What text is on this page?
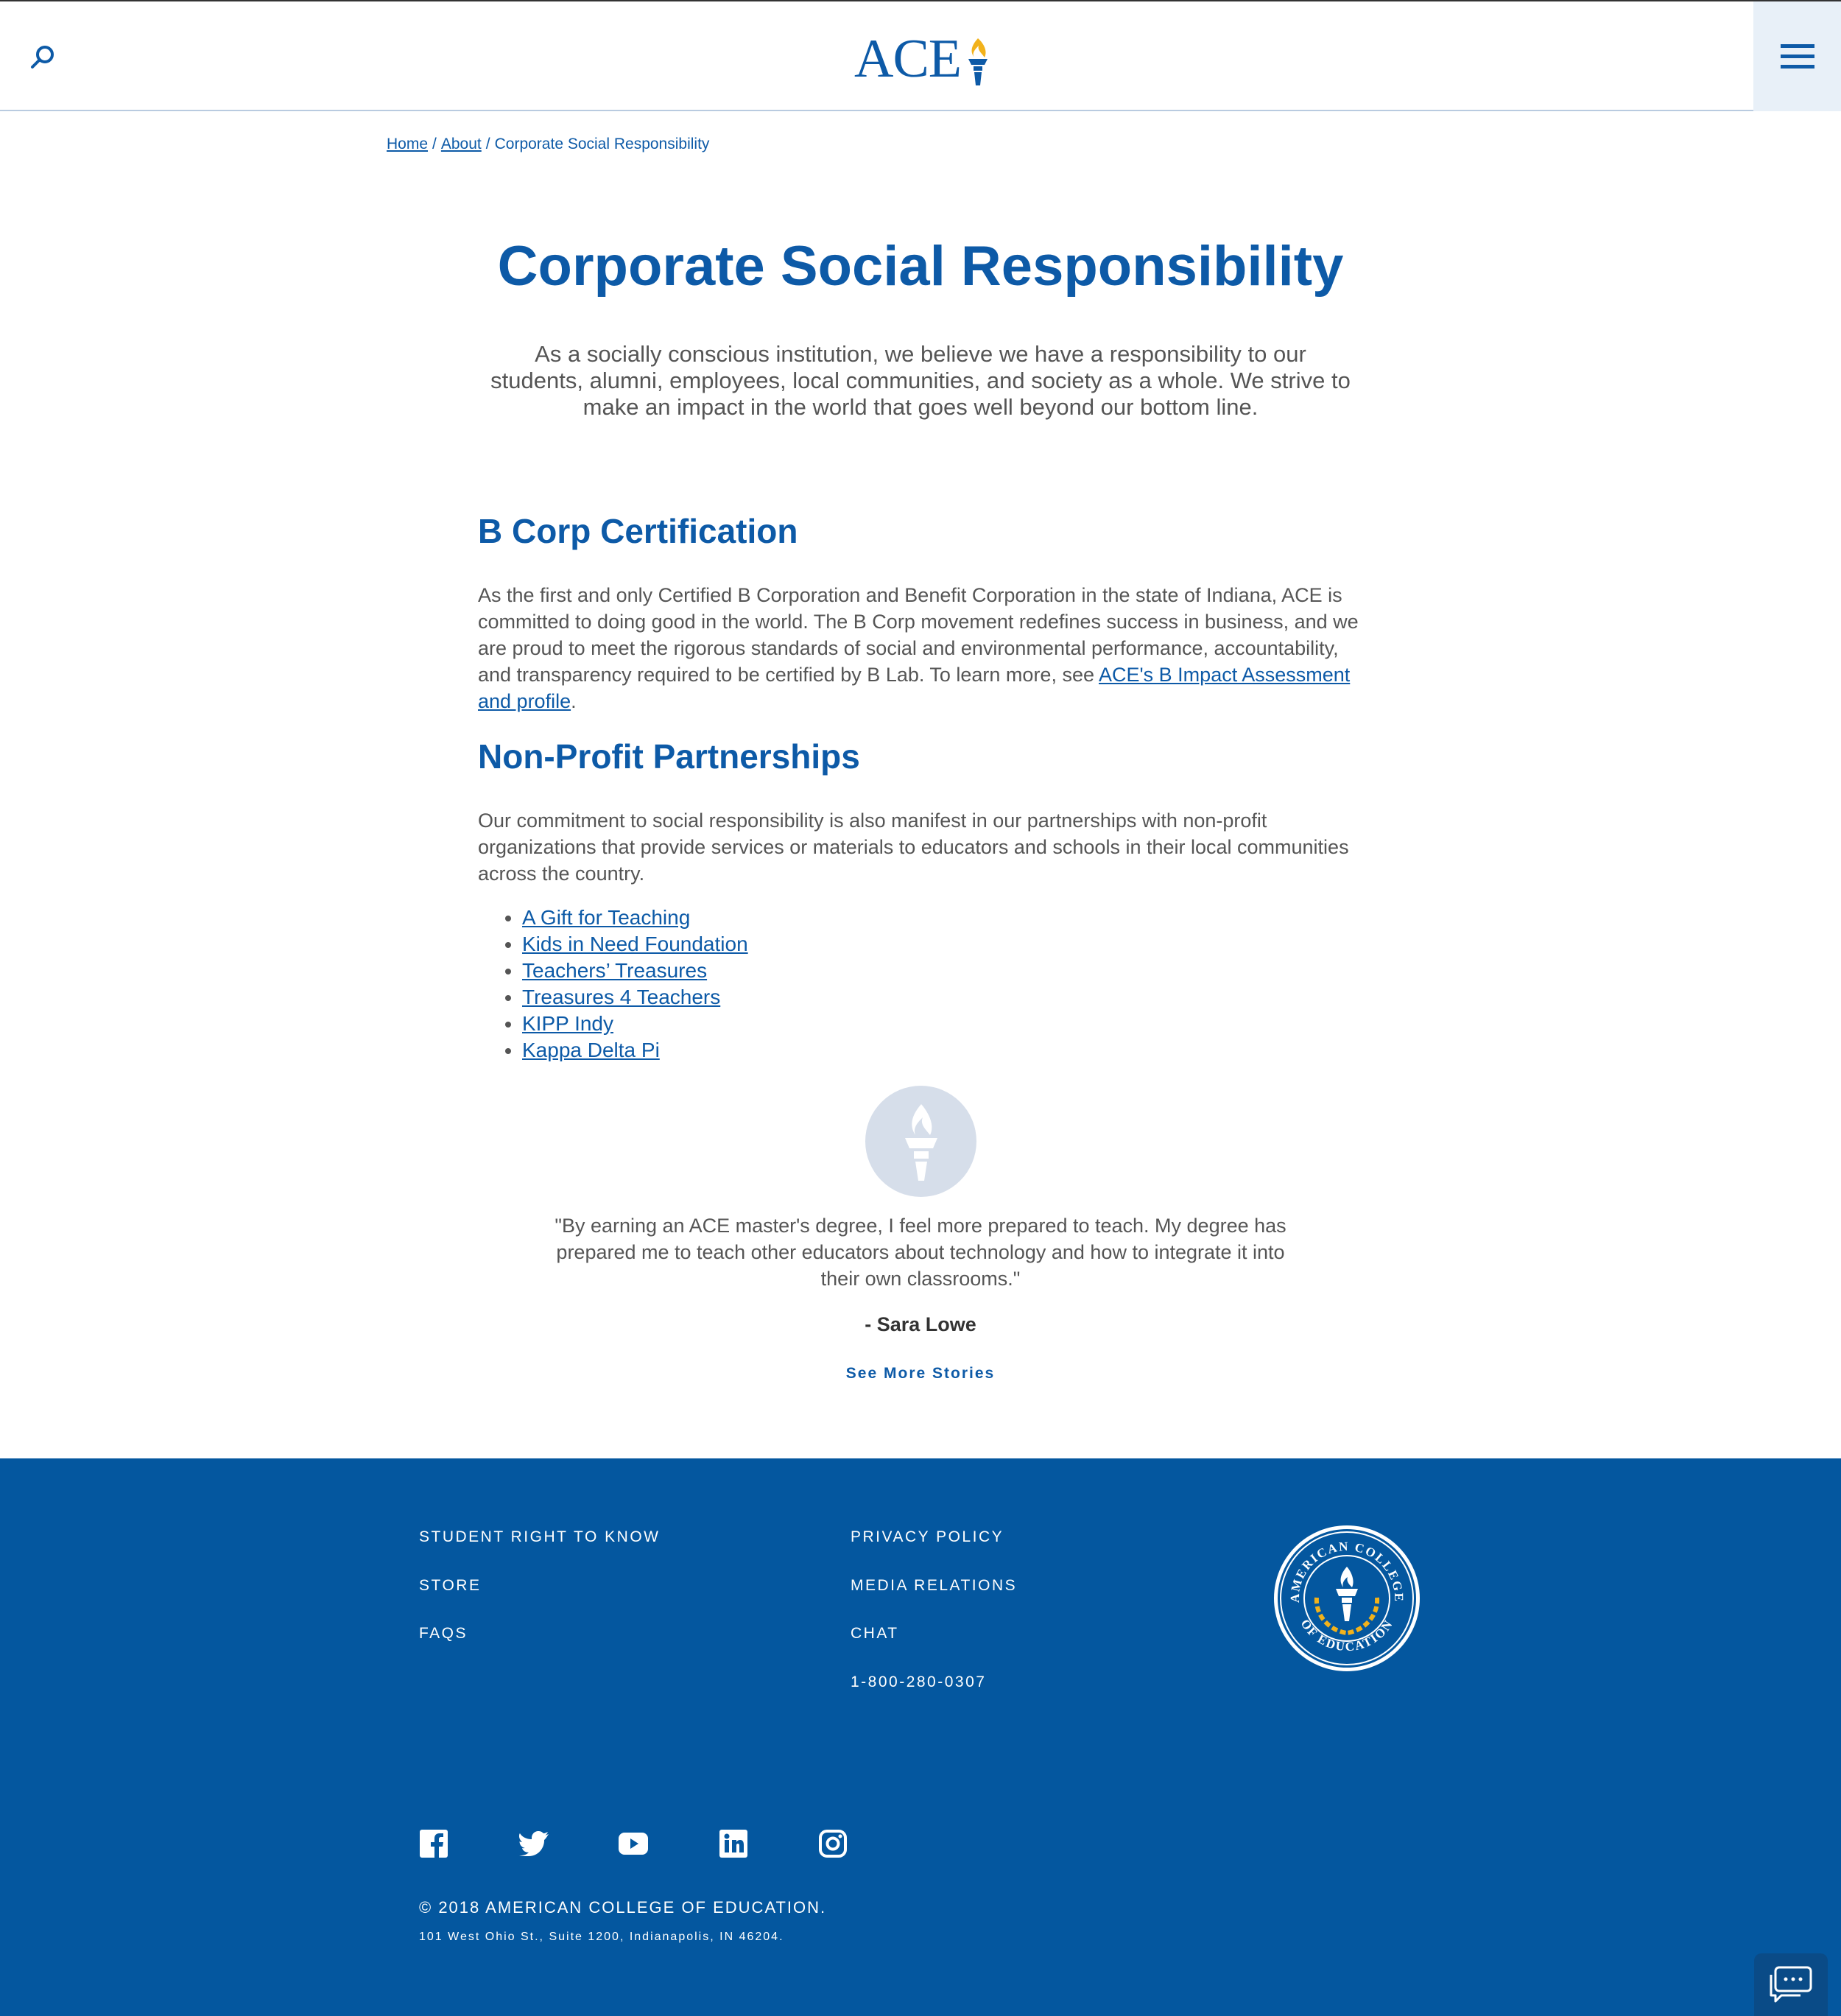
ACE
Home / About / Corporate Social Responsibility
Corporate Social Responsibility

As a socially conscious institution, we believe we have a responsibility to our students, alumni, employees, local communities, and society as a whole. We strive to make an impact in the world that goes well beyond our bottom line.

B Corp Certification

As the first and only Certified B Corporation and Benefit Corporation in the state of Indiana, ACE is committed to doing good in the world. The B Corp movement redefines success in business, and we are proud to meet the rigorous standards of social and environmental performance, accountability, and transparency required to be certified by B Lab. To learn more, see ACE's B Impact Assessment and profile.

Non-Profit Partnerships

Our commitment to social responsibility is also manifest in our partnerships with non-profit organizations that provide services or materials to educators and schools in their local communities across the country.

• A Gift for Teaching
• Kids in Need Foundation
• Teachers’ Treasures
• Treasures 4 Teachers
• KIPP Indy
• Kappa Delta Pi

"By earning an ACE master's degree, I feel more prepared to teach. My degree has prepared me to teach other educators about technology and how to integrate it into their own classrooms."

- Sara Lowe

See More Stories
STUDENT RIGHT TO KNOW
STORE
FAQS
PRIVACY POLICY
MEDIA RELATIONS
CHAT
1-800-280-0307
AMERICAN COLLEGE
OF EDUCATION

© 2018 AMERICAN COLLEGE OF EDUCATION.

101 West Ohio St., Suite 1200, Indianapolis, IN 46204.
